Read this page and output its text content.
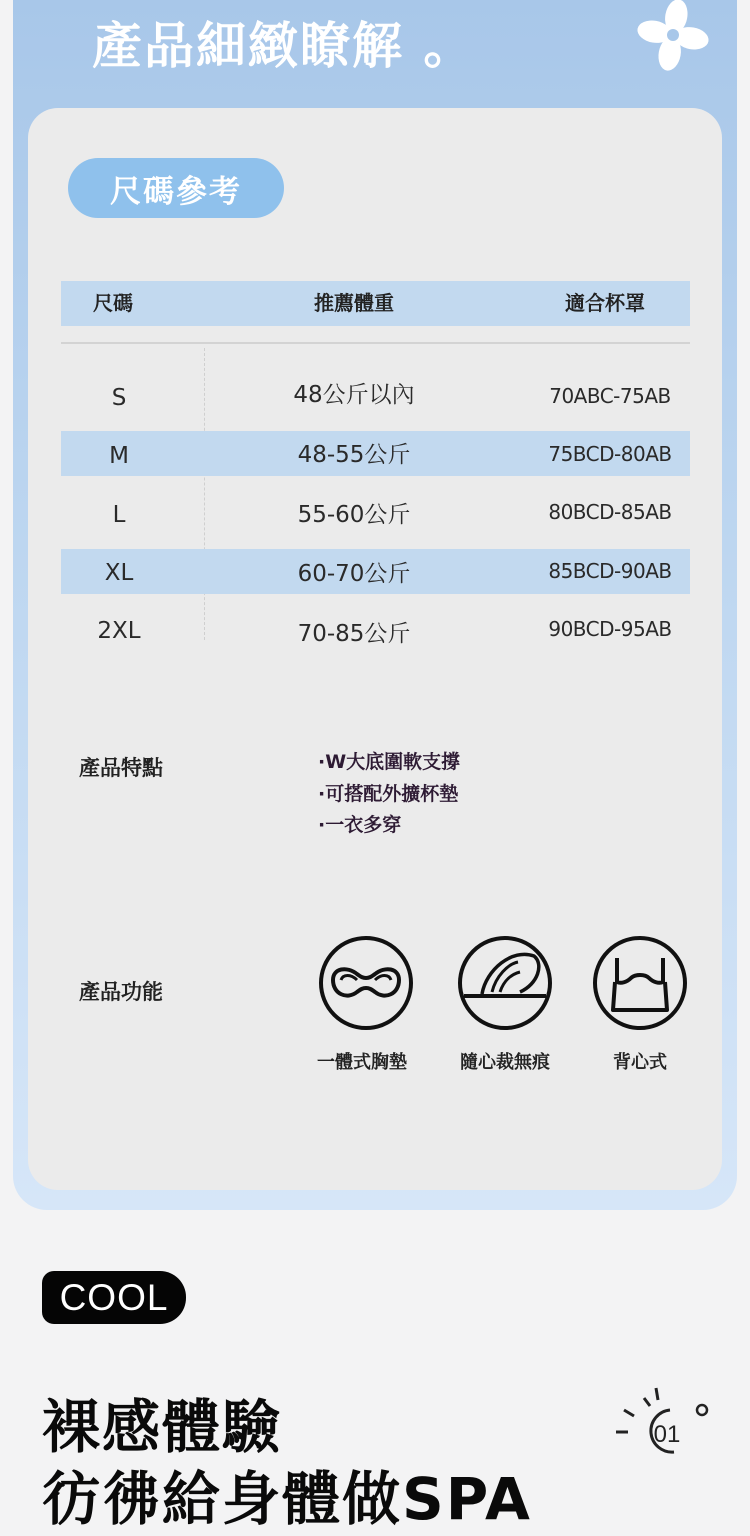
產品細緻瞭解 。
尺碼參考
尺碼	推薦體重	適合杯罩
S	48公斤以內	70ABC-75AB
M	48-55公斤	75BCD-80AB
L	55-60公斤	80BCD-85AB
XL	60-70公斤	85BCD-90AB
2XL	70-85公斤	90BCD-95AB
產品特點	·W大底圍軟支撐
·可搭配外擴杯墊
·一衣多穿
產品功能
一體式胸墊	隨心裁無痕	背心式
COOL
裸感體驗
彷彿給身體做SPA
01
